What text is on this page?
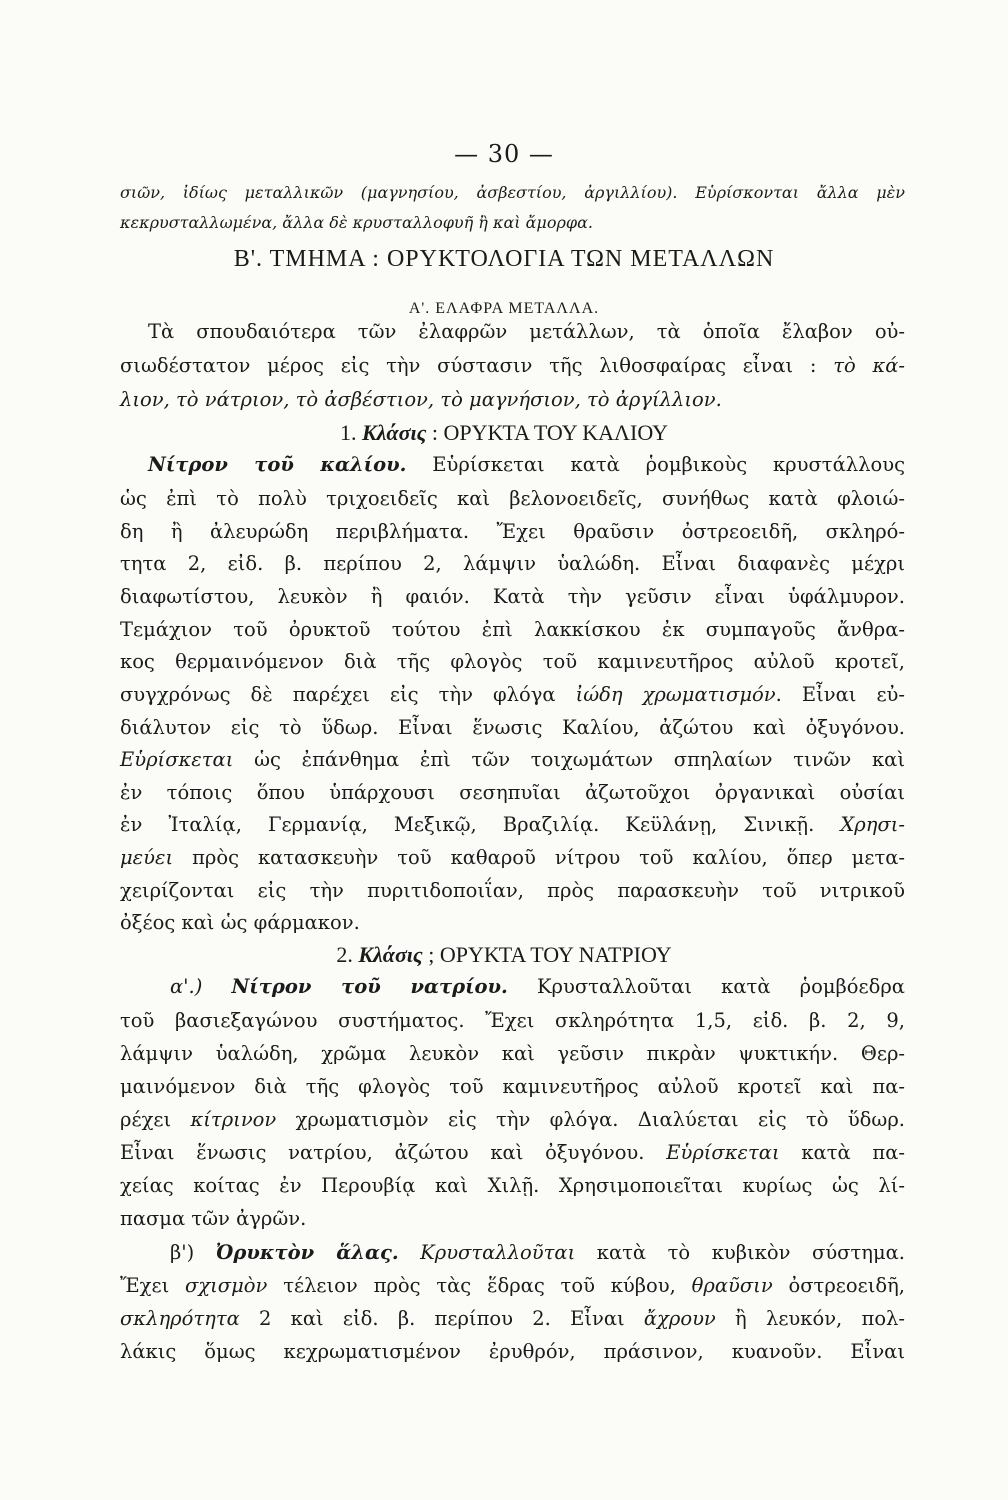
— 30 —
σιῶν, ἰδίως μεταλλικῶν (μαγνησίου, ἀσβεστίου, ἀργιλλίου). Εὑρίσκονται ἄλλα μὲν
κεκρυσταλλωμένα, ἄλλα δὲ κρυσταλλοφυῆ ἢ καὶ ἄμορφα.
Β'. ΤΜΗΜΑ : ΟΡΥΚΤΟΛΟΓΙΑ ΤΩΝ ΜΕΤΑΛΛΩΝ
Α'. ΕΛΑΦΡΑ ΜΕΤΑΛΛΑ.
Τὰ σπουδαιότερα τῶν ἐλαφρῶν μετάλλων, τὰ ὁποῖα ἔλαβον οὐ-
σιωδέστατον μέρος εἰς τὴν σύστασιν τῆς λιθοσφαίρας εἶναι : τὸ κά-
λιον, τὸ νάτριον, τὸ ἀσβέστιον, τὸ μαγνήσιον, τὸ ἀργίλλιον.
1. Κλάσις : ΟΡΥΚΤΑ ΤΟΥ ΚΑΛΙΟΥ
Νίτρον τοῦ καλίου. Εὑρίσκεται κατὰ ῥομβικοὺς κρυστάλλους
ὡς ἐπὶ τὸ πολὺ τριχοειδεῖς καὶ βελονοειδεῖς, συνήθως κατὰ φλοιώ-
δη ἢ ἀλευρώδη περιβλήματα. Ἔχει θραῦσιν ὀστρεοειδῆ, σκληρό-
τητα 2, εἰδ. β. περίπου 2, λάμψιν ὑαλώδη. Εἶναι διαφανὲς μέχρι
διαφωτίστου, λευκὸν ἢ φαιόν. Κατὰ τὴν γεῦσιν εἶναι ὑφάλμυρον.
Τεμάχιον τοῦ ὀρυκτοῦ τούτου ἐπὶ λακκίσκου ἐκ συμπαγοῦς ἄνθρα-
κος θερμαινόμενον διὰ τῆς φλογὸς τοῦ καμινευτῆρος αὐλοῦ κροτεῖ,
συγχρόνως δὲ παρέχει εἰς τὴν φλόγα ἰώδη χρωματισμόν. Εἶναι εὐ-
διάλυτον εἰς τὸ ὕδωρ. Εἶναι ἕνωσις Καλίου, ἀζώτου καὶ ὀξυγόνου.
Εὑρίσκεται ὡς ἐπάνθημα ἐπὶ τῶν τοιχωμάτων σπηλαίων τινῶν καὶ
ἐν τόποις ὅπου ὑπάρχουσι σεσηπυῖαι ἀζωτοῦχοι ὀργανικαὶ οὐσίαι
ἐν Ἰταλίᾳ, Γερμανίᾳ, Μεξικῷ, Βραζιλίᾳ. Κεϋλάνῃ, Σινικῇ. Χρησι-
μεύει πρὸς κατασκευὴν τοῦ καθαροῦ νίτρου τοῦ καλίου, ὅπερ μετα-
χειρίζονται εἰς τὴν πυριτιδοποιΐαν, πρὸς παρασκευὴν τοῦ νιτρικοῦ
ὀξέος καὶ ὡς φάρμακον.
2. Κλάσις ; ΟΡΥΚΤΑ ΤΟΥ ΝΑΤΡΙΟΥ
α'.) Νίτρον τοῦ νατρίου. Κρυσταλλοῦται κατὰ ῥομβόεδρα
τοῦ βασιεξαγώνου συστήματος. Ἔχει σκληρότητα 1,5, εἰδ. β. 2, 9,
λάμψιν ὑαλώδη, χρῶμα λευκὸν καὶ γεῦσιν πικρὰν ψυκτικήν. Θερ-
μαινόμενον διὰ τῆς φλογὸς τοῦ καμινευτῆρος αὐλοῦ κροτεῖ καὶ πα-
ρέχει κίτρινον χρωματισμὸν εἰς τὴν φλόγα. Διαλύεται εἰς τὸ ὕδωρ.
Εἶναι ἕνωσις νατρίου, ἀζώτου καὶ ὀξυγόνου. Εὑρίσκεται κατὰ πα-
χείας κοίτας ἐν Περουβίᾳ καὶ Χιλῇ. Χρησιμοποιεῖται κυρίως ὡς λί-
πασμα τῶν ἀγρῶν.
β') Ὀρυκτὸν ἅλας. Κρυσταλλοῦται κατὰ τὸ κυβικὸν σύστημα.
Ἔχει σχισμὸν τέλειον πρὸς τὰς ἕδρας τοῦ κύβου, θραῦσιν ὀστρεοειδῆ,
σκληρότητα 2 καὶ εἰδ. β. περίπου 2. Εἶναι ἄχρουν ἢ λευκόν, πολ-
λάκις ὅμως κεχρωματισμένον ἐρυθρόν, πράσινον, κυανοῦν. Εἶναι
